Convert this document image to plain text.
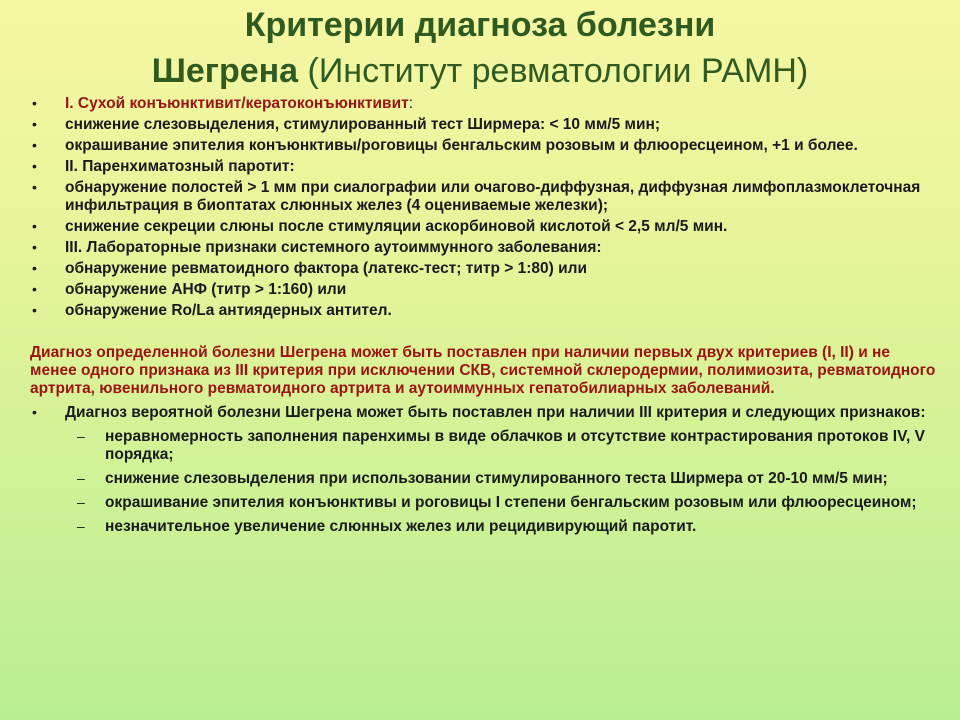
Критерии диагноза болезни
Шегрена (Институт ревматологии РАМН)
• I. Сухой конъюнктивит/кератоконъюнктивит:
• снижение слезовыделения, стимулированный тест Ширмера: < 10 мм/5 мин;
• окрашивание эпителия конъюнктивы/роговицы бенгальским розовым и флюоресцеином, +1 и более.
• II. Паренхиматозный паротит:
• обнаружение полостей > 1 мм при сиалографии или очагово-диффузная, диффузная лимфоплазмоклеточная инфильтрация в биоптатах слюнных желез (4 оцениваемые железки);
• снижение секреции слюны после стимуляции аскорбиновой кислотой < 2,5 мл/5 мин.
• III. Лабораторные признаки системного аутоиммунного заболевания:
• обнаружение ревматоидного фактора (латекс-тест; титр > 1:80) или
• обнаружение АНФ (титр > 1:160) или
• обнаружение Ro/La антиядерных антител.
Диагноз определенной болезни Шегрена может быть поставлен при наличии первых двух критериев (I, II) и не менее одного признака из III критерия при исключении СКВ, системной склеродермии, полимиозита, ревматоидного артрита, ювенильного ревматоидного артрита и аутоиммунных гепатобилиарных заболеваний.
• Диагноз вероятной болезни Шегрена может быть поставлен при наличии III критерия и следующих признаков:
– неравномерность заполнения паренхимы в виде облачков и отсутствие контрастирования протоков IV, V порядка;
– снижение слезовыделения при использовании стимулированного теста Ширмера от 20-10 мм/5 мин;
– окрашивание эпителия конъюнктивы и роговицы I степени бенгальским розовым или флюоресцеином;
– незначительное увеличение слюнных желез или рецидивирующий паротит.
